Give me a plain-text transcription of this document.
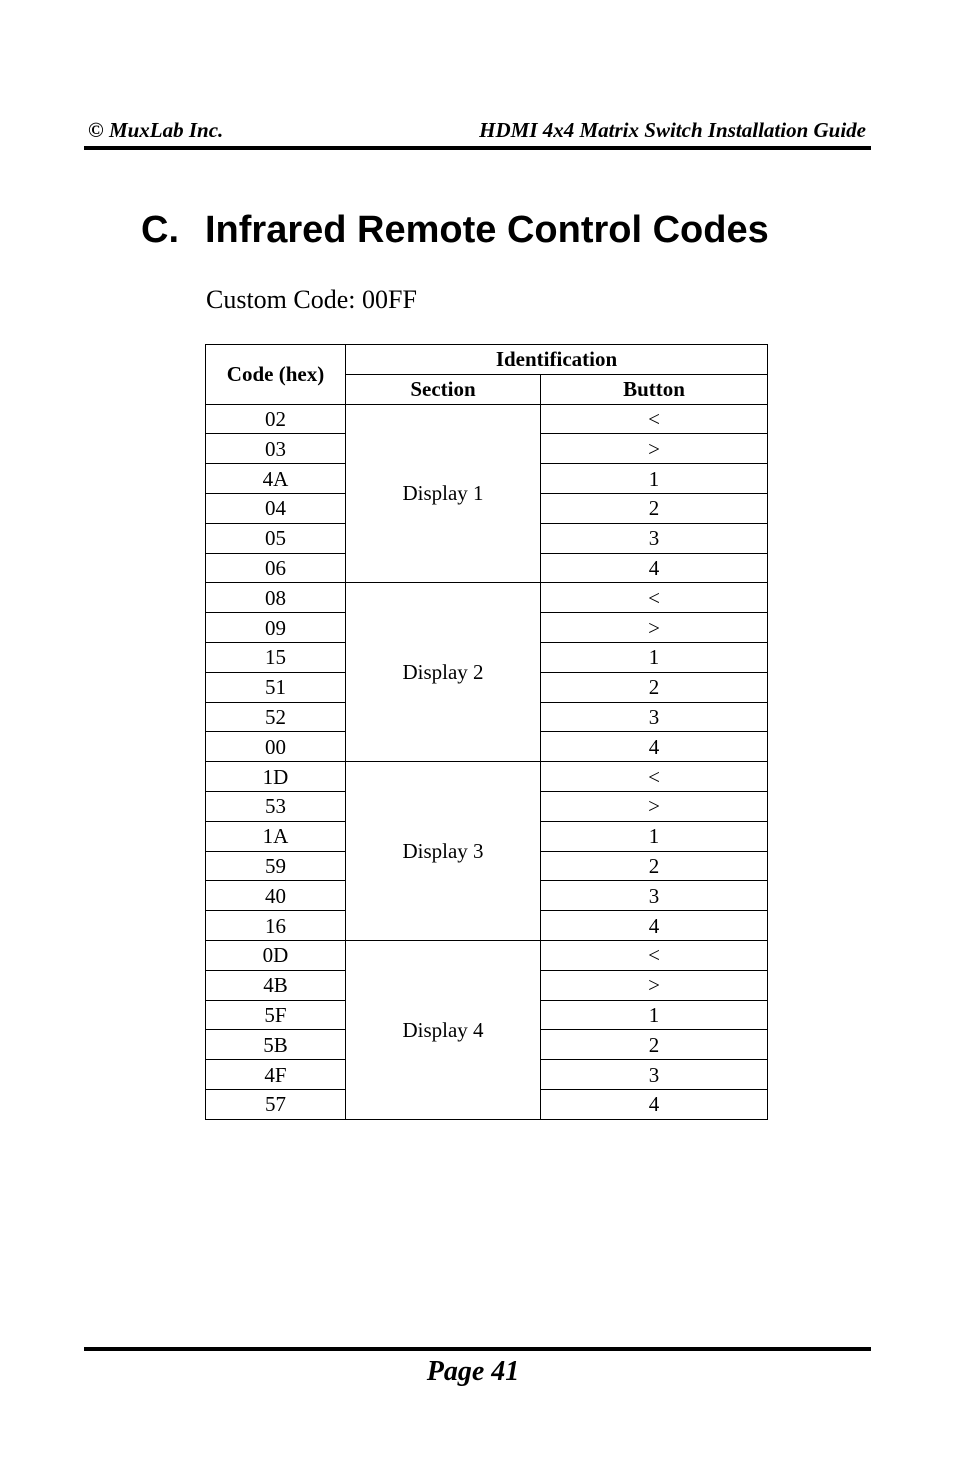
© MuxLab Inc.	HDMI 4x4 Matrix Switch Installation Guide
C. Infrared Remote Control Codes
Custom Code: 00FF
Code (hex)	Identification	
	Section	Button
02	Display 1	<
03		>
4A		1
04		2
05		3
06		4
08	Display 2	<
09		>
15		1
51		2
52		3
00		4
1D	Display 3	<
53		>
1A		1
59		2
40		3
16		4
0D	Display 4	<
4B		>
5F		1
5B		2
4F		3
57		4
Page 41
